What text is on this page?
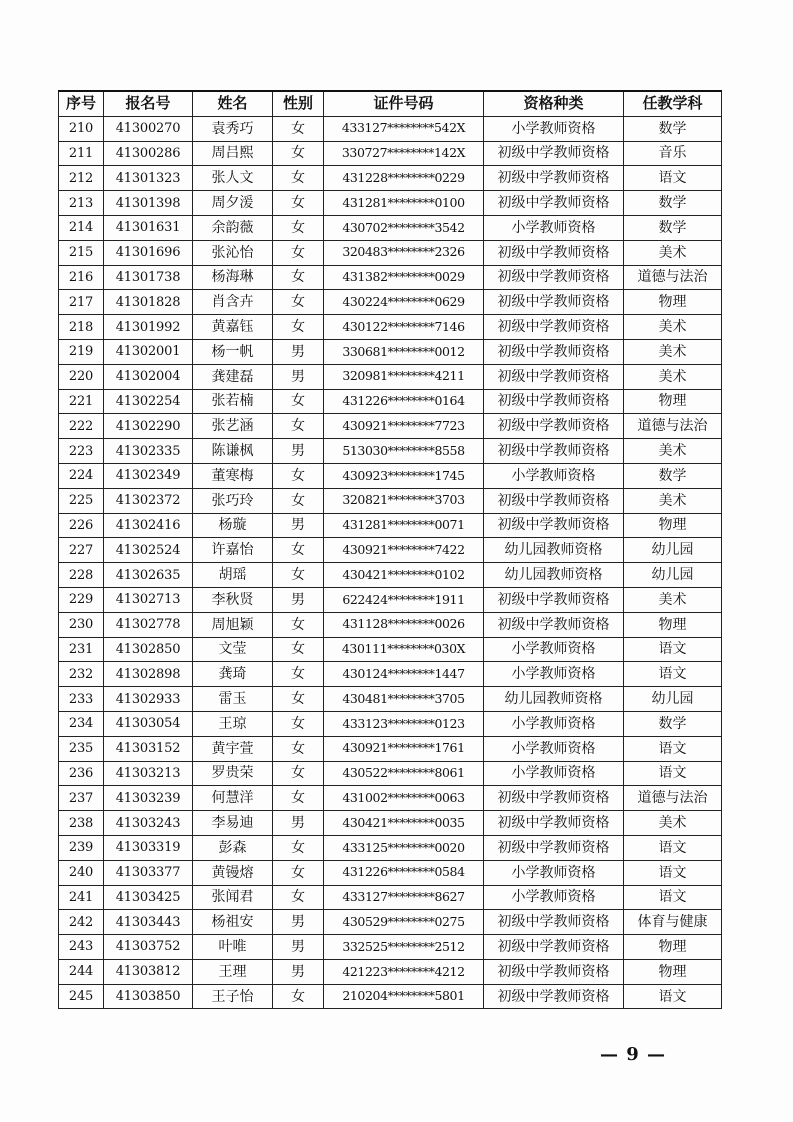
序号	报名号	姓名	性别	证件号码	资格种类	任教学科
210	41300270	袁秀巧	女	433127********542X	小学教师资格	数学
211	41300286	周吕熙	女	330727********142X	初级中学教师资格	音乐
212	41301323	张人文	女	431228********0229	初级中学教师资格	语文
213	41301398	周夕湲	女	431281********0100	初级中学教师资格	数学
214	41301631	余韵薇	女	430702********3542	小学教师资格	数学
215	41301696	张沁怡	女	320483********2326	初级中学教师资格	美术
216	41301738	杨海琳	女	431382********0029	初级中学教师资格	道德与法治
217	41301828	肖含卉	女	430224********0629	初级中学教师资格	物理
218	41301992	黄嘉钰	女	430122********7146	初级中学教师资格	美术
219	41302001	杨一帆	男	330681********0012	初级中学教师资格	美术
220	41302004	龚建磊	男	320981********4211	初级中学教师资格	美术
221	41302254	张若楠	女	431226********0164	初级中学教师资格	物理
222	41302290	张艺涵	女	430921********7723	初级中学教师资格	道德与法治
223	41302335	陈谦枫	男	513030********8558	初级中学教师资格	美术
224	41302349	董寒梅	女	430923********1745	小学教师资格	数学
225	41302372	张巧玲	女	320821********3703	初级中学教师资格	美术
226	41302416	杨璇	男	431281********0071	初级中学教师资格	物理
227	41302524	许嘉怡	女	430921********7422	幼儿园教师资格	幼儿园
228	41302635	胡瑶	女	430421********0102	幼儿园教师资格	幼儿园
229	41302713	李秋贤	男	622424********1911	初级中学教师资格	美术
230	41302778	周旭颖	女	431128********0026	初级中学教师资格	物理
231	41302850	文莹	女	430111********030X	小学教师资格	语文
232	41302898	龚琦	女	430124********1447	小学教师资格	语文
233	41302933	雷玉	女	430481********3705	幼儿园教师资格	幼儿园
234	41303054	王琼	女	433123********0123	小学教师资格	数学
235	41303152	黄宇萱	女	430921********1761	小学教师资格	语文
236	41303213	罗贵荣	女	430522********8061	小学教师资格	语文
237	41303239	何慧洋	女	431002********0063	初级中学教师资格	道德与法治
238	41303243	李易迪	男	430421********0035	初级中学教师资格	美术
239	41303319	彭森	女	433125********0020	初级中学教师资格	语文
240	41303377	黄镘熔	女	431226********0584	小学教师资格	语文
241	41303425	张闻君	女	433127********8627	小学教师资格	语文
242	41303443	杨祖安	男	430529********0275	初级中学教师资格	体育与健康
243	41303752	叶唯	男	332525********2512	初级中学教师资格	物理
244	41303812	王理	男	421223********4212	初级中学教师资格	物理
245	41303850	王子怡	女	210204********5801	初级中学教师资格	语文
— 9 —
